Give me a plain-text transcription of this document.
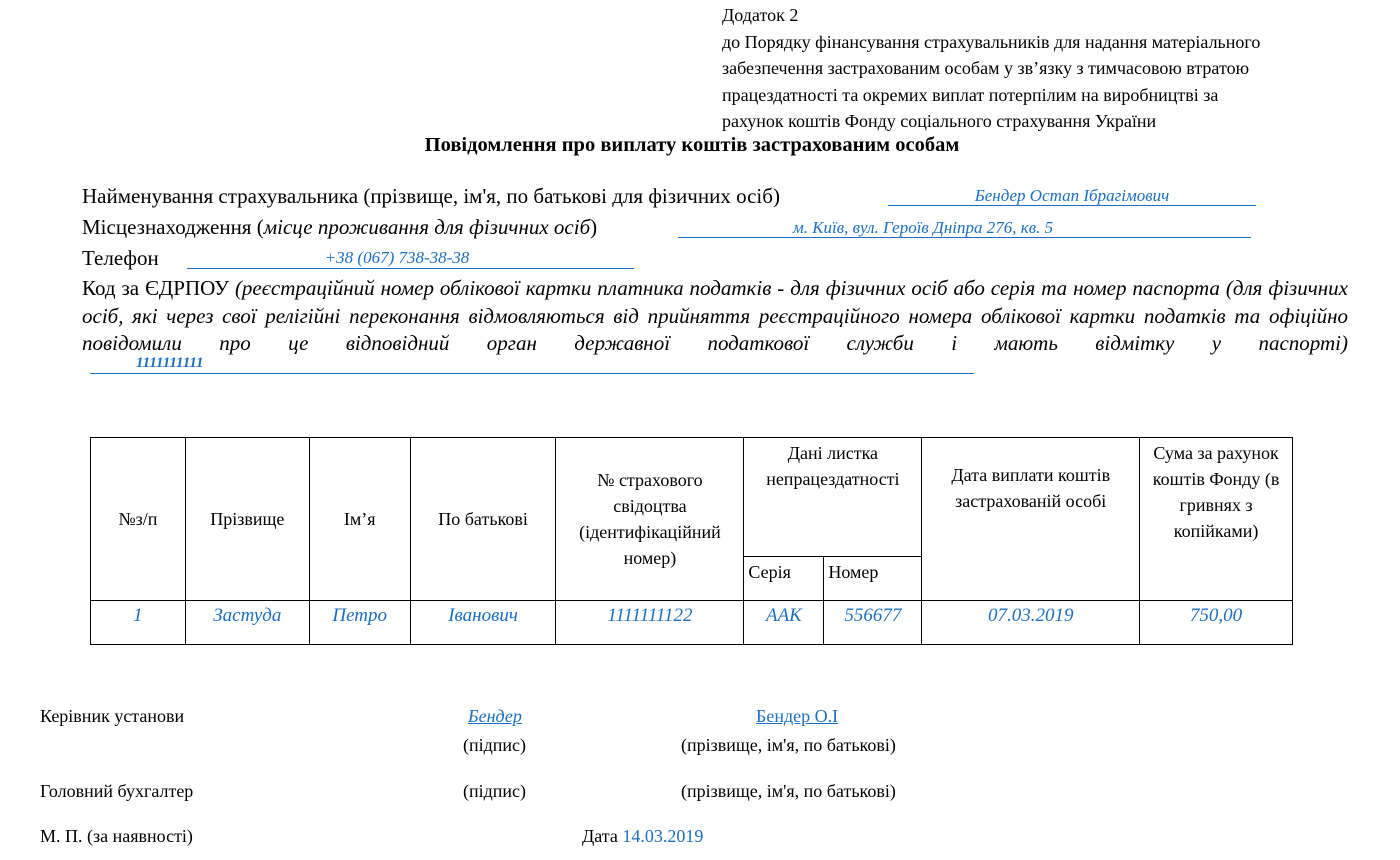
Додаток 2
до Порядку фінансування страхувальників для надання матеріального
забезпечення застрахованим особам у зв’язку з тимчасовою втратою
працездатності та окремих виплат потерпілим на виробництві за
рахунок коштів Фонду соціального страхування України
Повідомлення про виплату коштів застрахованим особам
Найменування страхувальника (прізвище, ім'я, по батькові для фізичних осіб)	Бендер Остап Ібрагімович
Місцезнаходження (місце проживання для фізичних осіб)	м. Київ, вул. Героїв Дніпра 276, кв. 5
Телефон	+38 (067) 738-38-38
Код за ЄДРПОУ (реєстраційний номер облікової картки платника податків - для фізичних осіб або серія та номер паспорта (для фізичних осіб, які через свої релігійні переконання відмовляються від прийняття реєстраційного номера облікової картки податків та офіційно повідомили про це відповідний орган державної податкової служби і мають відмітку у паспорті)
1111111111
№з/п	Прізвище	Ім’я	По батькові	№ страхового свідоцтва (ідентифікаційний номер)	Дані листка непрацездатності		Дата виплати коштів застрахованій особі	Сума за рахунок коштів Фонду (в гривнях з копійками)
					Серія	Номер		
1	Застуда	Петро	Іванович	1111111122	ААК	556677	07.03.2019	750,00
Керівник установи	Бендер	Бендер О.І
(підпис)	(прізвище, ім'я, по батькові)
Головний бухгалтер	(підпис)	(прізвище, ім'я, по батькові)
М. П. (за наявності)	Дата 14.03.2019
